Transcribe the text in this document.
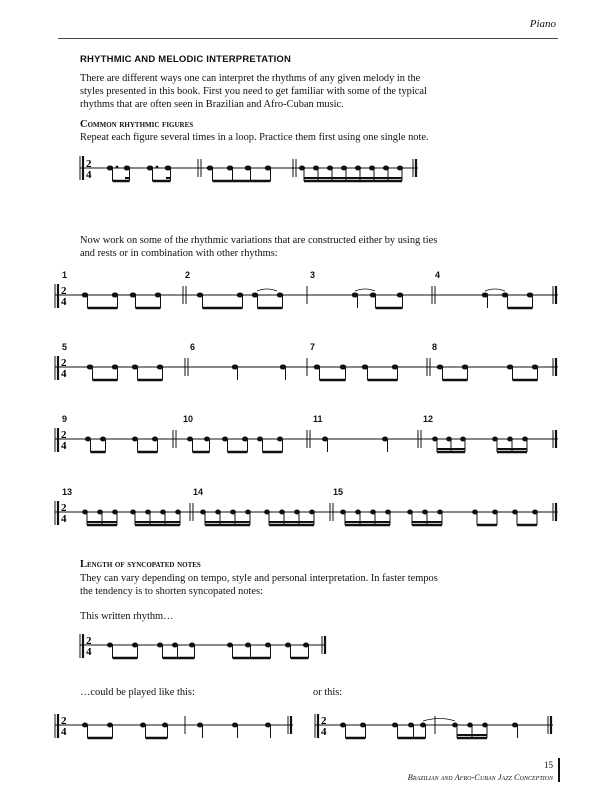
Piano
RHYTHMIC AND MELODIC INTERPRETATION
There are different ways one can interpret the rhythms of any given melody in the
styles presented in this book. First you need to get familiar with some of the typical
rhythms that are often seen in Brazilian and Afro-Cuban music.
Common rhythmic figures
Repeat each figure several times in a loop. Practice them first using one single note.
2
4
Now work on some of the rhythmic variations that are constructed either by using ties
and rests or in combination with other rhythms:
1	2	3	4
2
4
5	6	7	8
2
4
9	10	11	12
2
4
13	14	15
2
4
Length of syncopated notes
They can vary depending on tempo, style and personal interpretation. In faster tempos
the tendency is to shorten syncopated notes:
This written rhythm…
2
4
…could be played like this:	or this:
2
4
2
4
15
Brazilian and Afro-Cuban Jazz Conception
